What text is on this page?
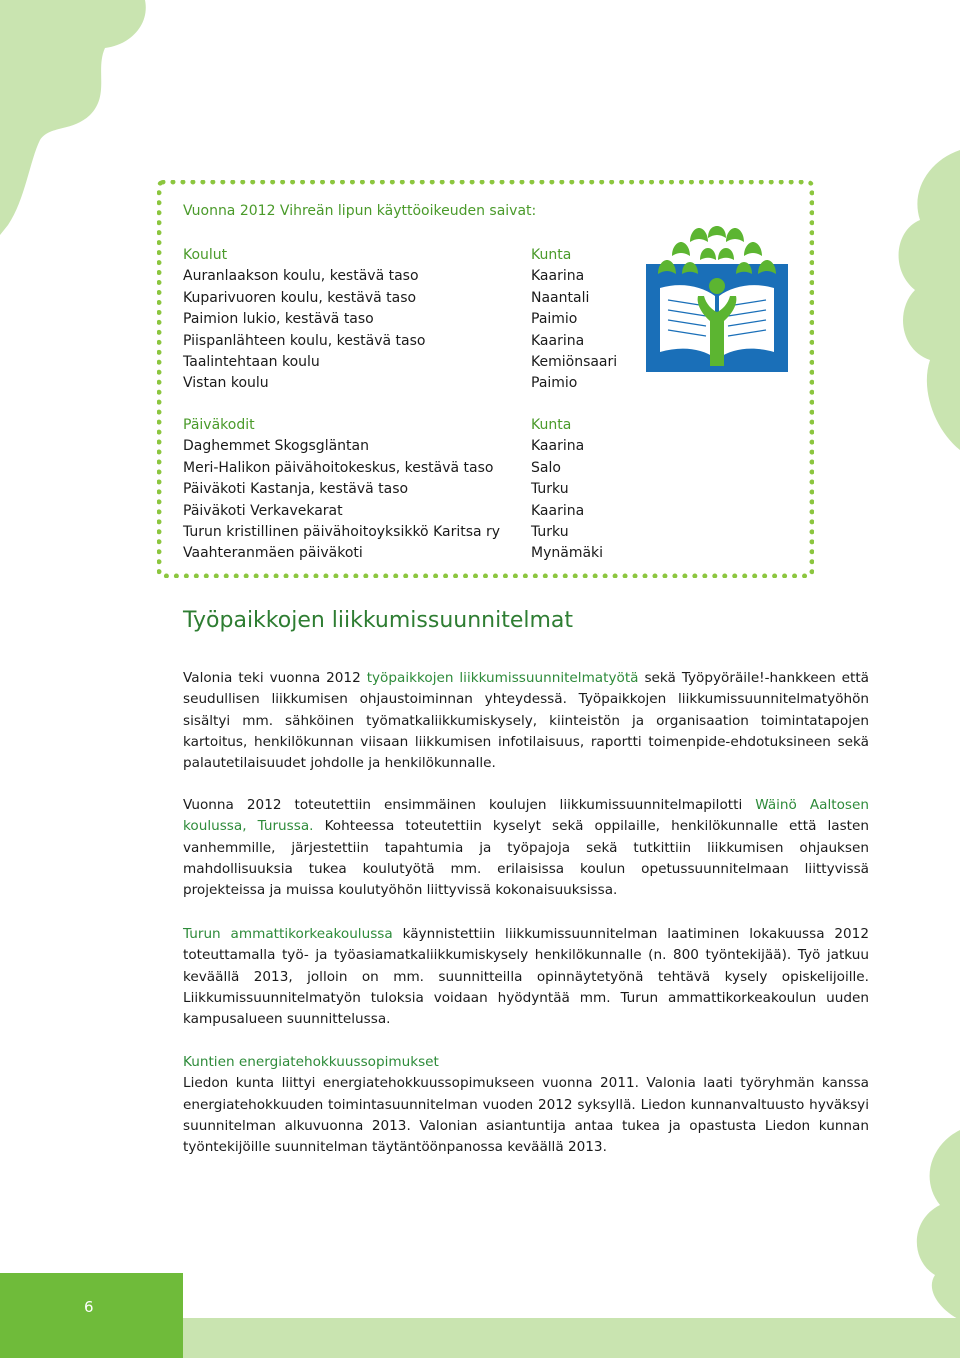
Vuonna 2012 Vihreän lipun käyttöoikeuden saivat:
Koulut
Auranlaakson koulu, kestävä taso
Kuparivuoren koulu, kestävä taso
Paimion lukio, kestävä taso
Piispanlähteen koulu, kestävä taso
Taalintehtaan koulu
Vistan koulu
Kunta
Kaarina
Naantali
Paimio
Kaarina
Kemiönsaari
Paimio
Päiväkodit
Daghemmet Skogsgläntan
Meri-Halikon päivähoitokeskus, kestävä taso
Päiväkoti Kastanja, kestävä taso
Päiväkoti Verkavekarat
Turun kristillinen päivähoitoyksikkö Karitsa ry
Vaahteranmäen päiväkoti
Kunta
Kaarina
Salo
Turku
Kaarina
Turku
Mynämäki
Työpaikkojen liikkumissuunnitelmat

Valonia teki vuonna 2012 työpaikkojen liikkumissuunnitelmatyötä sekä Työpyöräile!-hankkeen että seudullisen liikkumisen ohjaustoiminnan yhteydessä. Työpaikkojen liikkumissuunnitelmatyöhön sisältyi mm. sähköinen työmatkaliikkumiskysely, kiinteistön ja organisaation toimintatapojen kartoitus, henkilökunnan viisaan liikkumisen infotilaisuus, raportti toimenpide-ehdotuksineen sekä palautetilaisuudet johdolle ja henkilökunnalle.

Vuonna 2012 toteutettiin ensimmäinen koulujen liikkumissuunnitelmapilotti Wäinö Aaltosen koulussa, Turussa. Kohteessa toteutettiin kyselyt sekä oppilaille, henkilökunnalle että lasten vanhemmille, järjestettiin tapahtumia ja työpajoja sekä tutkittiin liikkumisen ohjauksen mahdollisuuksia tukea koulutyötä mm. erilaisissa koulun opetussuunnitelmaan liittyvissä projekteissa ja muissa koulutyöhön liittyvissä kokonaisuuksissa.

Turun ammattikorkeakoulussa käynnistettiin liikkumissuunnitelman laatiminen lokakuussa 2012 toteuttamalla työ- ja työasiamatkaliikkumiskysely henkilökunnalle (n. 800 työntekijää). Työ jatkuu keväällä 2013, jolloin on mm. suunnitteilla opinnäytetyönä tehtävä kysely opiskelijoille. Liikkumissuunnitelmatyön tuloksia voidaan hyödyntää mm. Turun ammattikorkeakoulun uuden kampusalueen suunnittelussa.

Kuntien energiatehokkuussopimukset
Liedon kunta liittyi energiatehokkuussopimukseen vuonna 2011. Valonia laati työryhmän kanssa energiatehokkuuden toimintasuunnitelman vuoden 2012 syksyllä. Liedon kunnanvaltuusto hyväksyi suunnitelman alkuvuonna 2013. Valonian asiantuntija antaa tukea ja opastusta Liedon kunnan työntekijöille suunnitelman täytäntöönpanossa keväällä 2013.

6
